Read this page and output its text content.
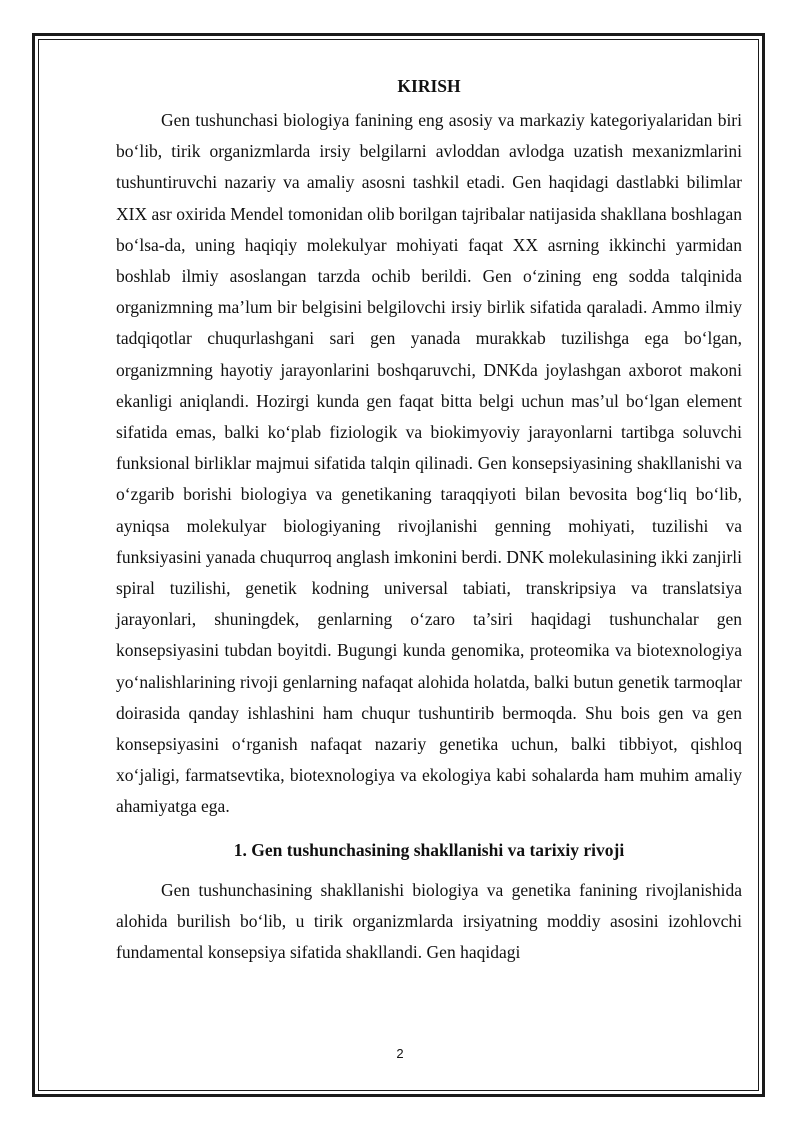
KIRISH

Gen tushunchasi biologiya fanining eng asosiy va markaziy kategoriyalaridan biri bo‘lib, tirik organizmlarda irsiy belgilarni avloddan avlodga uzatish mexanizmlarini tushuntiruvchi nazariy va amaliy asosni tashkil etadi. Gen haqidagi dastlabki bilimlar XIX asr oxirida Mendel tomonidan olib borilgan tajribalar natijasida shakllana boshlagan bo‘lsa-da, uning haqiqiy molekulyar mohiyati faqat XX asrning ikkinchi yarmidan boshlab ilmiy asoslangan tarzda ochib berildi. Gen o‘zining eng sodda talqinida organizmning ma’lum bir belgisini belgilovchi irsiy birlik sifatida qaraladi. Ammo ilmiy tadqiqotlar chuqurlashgani sari gen yanada murakkab tuzilishga ega bo‘lgan, organizmning hayotiy jarayonlarini boshqaruvchi, DNKda joylashgan axborot makoni ekanligi aniqlandi. Hozirgi kunda gen faqat bitta belgi uchun mas’ul bo‘lgan element sifatida emas, balki ko‘plab fiziologik va biokimyoviy jarayonlarni tartibga soluvchi funksional birliklar majmui sifatida talqin qilinadi. Gen konsepsiyasining shakllanishi va o‘zgarib borishi biologiya va genetikaning taraqqiyoti bilan bevosita bog‘liq bo‘lib, ayniqsa molekulyar biologiyaning rivojlanishi genning mohiyati, tuzilishi va funksiyasini yanada chuqurroq anglash imkonini berdi. DNK molekulasining ikki zanjirli spiral tuzilishi, genetik kodning universal tabiati, transkripsiya va translatsiya jarayonlari, shuningdek, genlarning o‘zaro ta’siri haqidagi tushunchalar gen konsepsiyasini tubdan boyitdi. Bugungi kunda genomika, proteomika va biotexnologiya yo‘nalishlarining rivoji genlarning nafaqat alohida holatda, balki butun genetik tarmoqlar doirasida qanday ishlashini ham chuqur tushuntirib bermoqda. Shu bois gen va gen konsepsiyasini o‘rganish nafaqat nazariy genetika uchun, balki tibbiyot, qishloq xo‘jaligi, farmatsevtika, biotexnologiya va ekologiya kabi sohalarda ham muhim amaliy ahamiyatga ega.

1. Gen tushunchasining shakllanishi va tarixiy rivoji

Gen tushunchasining shakllanishi biologiya va genetika fanining rivojlanishida alohida burilish bo‘lib, u tirik organizmlarda irsiyatning moddiy asosini izohlovchi fundamental konsepsiya sifatida shakllandi. Gen haqidagi

2
